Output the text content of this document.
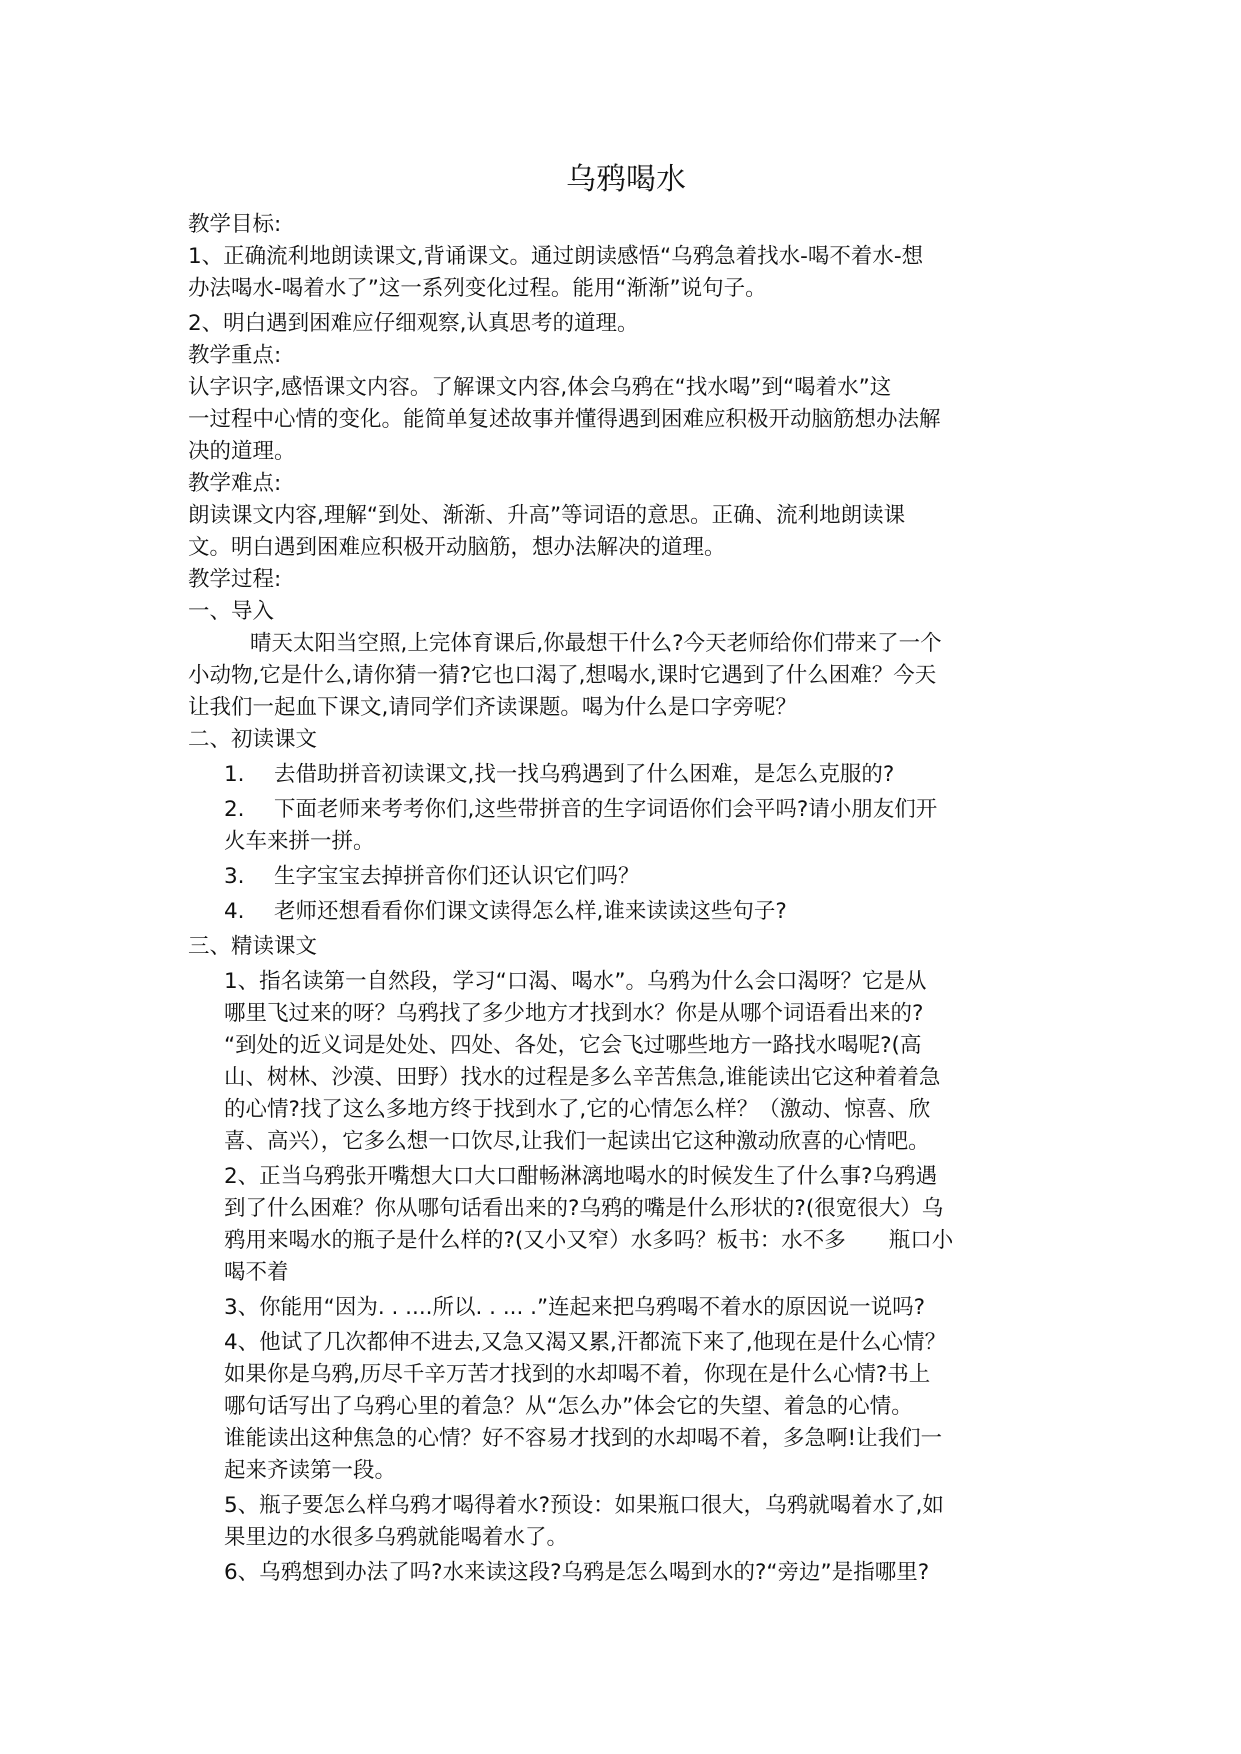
乌鸦喝水

教学目标:

1、正确流利地朗读课文,背诵课文。通过朗读感悟“乌鸦急着找水-喝不着水-想
办法喝水-喝着水了”这一系列变化过程。能用“渐渐”说句子。
2、明白遇到困难应仔细观察,认真思考的道理。

教学重点:

认字识字,感悟课文内容。了解课文内容,体会乌鸦在“找水喝”到“喝着水”这
一过程中心情的变化。能简单复述故事并懂得遇到困难应积极开动脑筋想办法解
决的道理。

教学难点:

朗读课文内容,理解“到处、渐渐、升高”等词语的意思。正确、流利地朗读课
文。明白遇到困难应积极开动脑筋，想办法解决的道理。

教学过程:

一、导入

晴天太阳当空照,上完体育课后,你最想干什么?今天老师给你们带来了一个
小动物,它是什么,请你猜一猜?它也口渴了,想喝水,课时它遇到了什么困难？今天
让我们一起血下课文,请同学们齐读课题。喝为什么是口字旁呢？

二、初读课文

1. 去借助拼音初读课文,找一找乌鸦遇到了什么困难，是怎么克服的?
2. 下面老师来考考你们,这些带拼音的生字词语你们会平吗?请小朋友们开
火车来拼一拼。
3. 生字宝宝去掉拼音你们还认识它们吗？
4. 老师还想看看你们课文读得怎么样,谁来读读这些句子?

三、精读课文

1、指名读第一自然段，学习“口渴、喝水”。乌鸦为什么会口渴呀？它是从
哪里飞过来的呀？乌鸦找了多少地方才找到水？你是从哪个词语看出来的?
“到处的近义词是处处、四处、各处，它会飞过哪些地方一路找水喝呢?(高
山、树林、沙漠、田野）找水的过程是多么辛苦焦急,谁能读出它这种着着急
的心情?找了这么多地方终于找到水了,它的心情怎么样？（激动、惊喜、欣
喜、高兴），它多么想一口饮尽,让我们一起读出它这种激动欣喜的心情吧。
2、正当乌鸦张开嘴想大口大口酣畅淋漓地喝水的时候发生了什么事?乌鸦遇
到了什么困难？你从哪句话看出来的?乌鸦的嘴是什么形状的?(很宽很大）乌
鸦用来喝水的瓶子是什么样的?(又小又窄）水多吗？板书：水不多　　瓶口小
喝不着
3、你能用“因为. . ....所以. . ... .”连起来把乌鸦喝不着水的原因说一说吗?
4、他试了几次都伸不进去,又急又渴又累,汗都流下来了,他现在是什么心情？
如果你是乌鸦,历尽千辛万苦才找到的水却喝不着，你现在是什么心情?书上
哪句话写出了乌鸦心里的着急？从“怎么办”体会它的失望、着急的心情。
谁能读出这种焦急的心情？好不容易才找到的水却喝不着，多急啊!让我们一
起来齐读第一段。
5、瓶子要怎么样乌鸦才喝得着水?预设：如果瓶口很大，乌鸦就喝着水了,如
果里边的水很多乌鸦就能喝着水了。
6、乌鸦想到办法了吗?水来读这段?乌鸦是怎么喝到水的?“旁边”是指哪里?
